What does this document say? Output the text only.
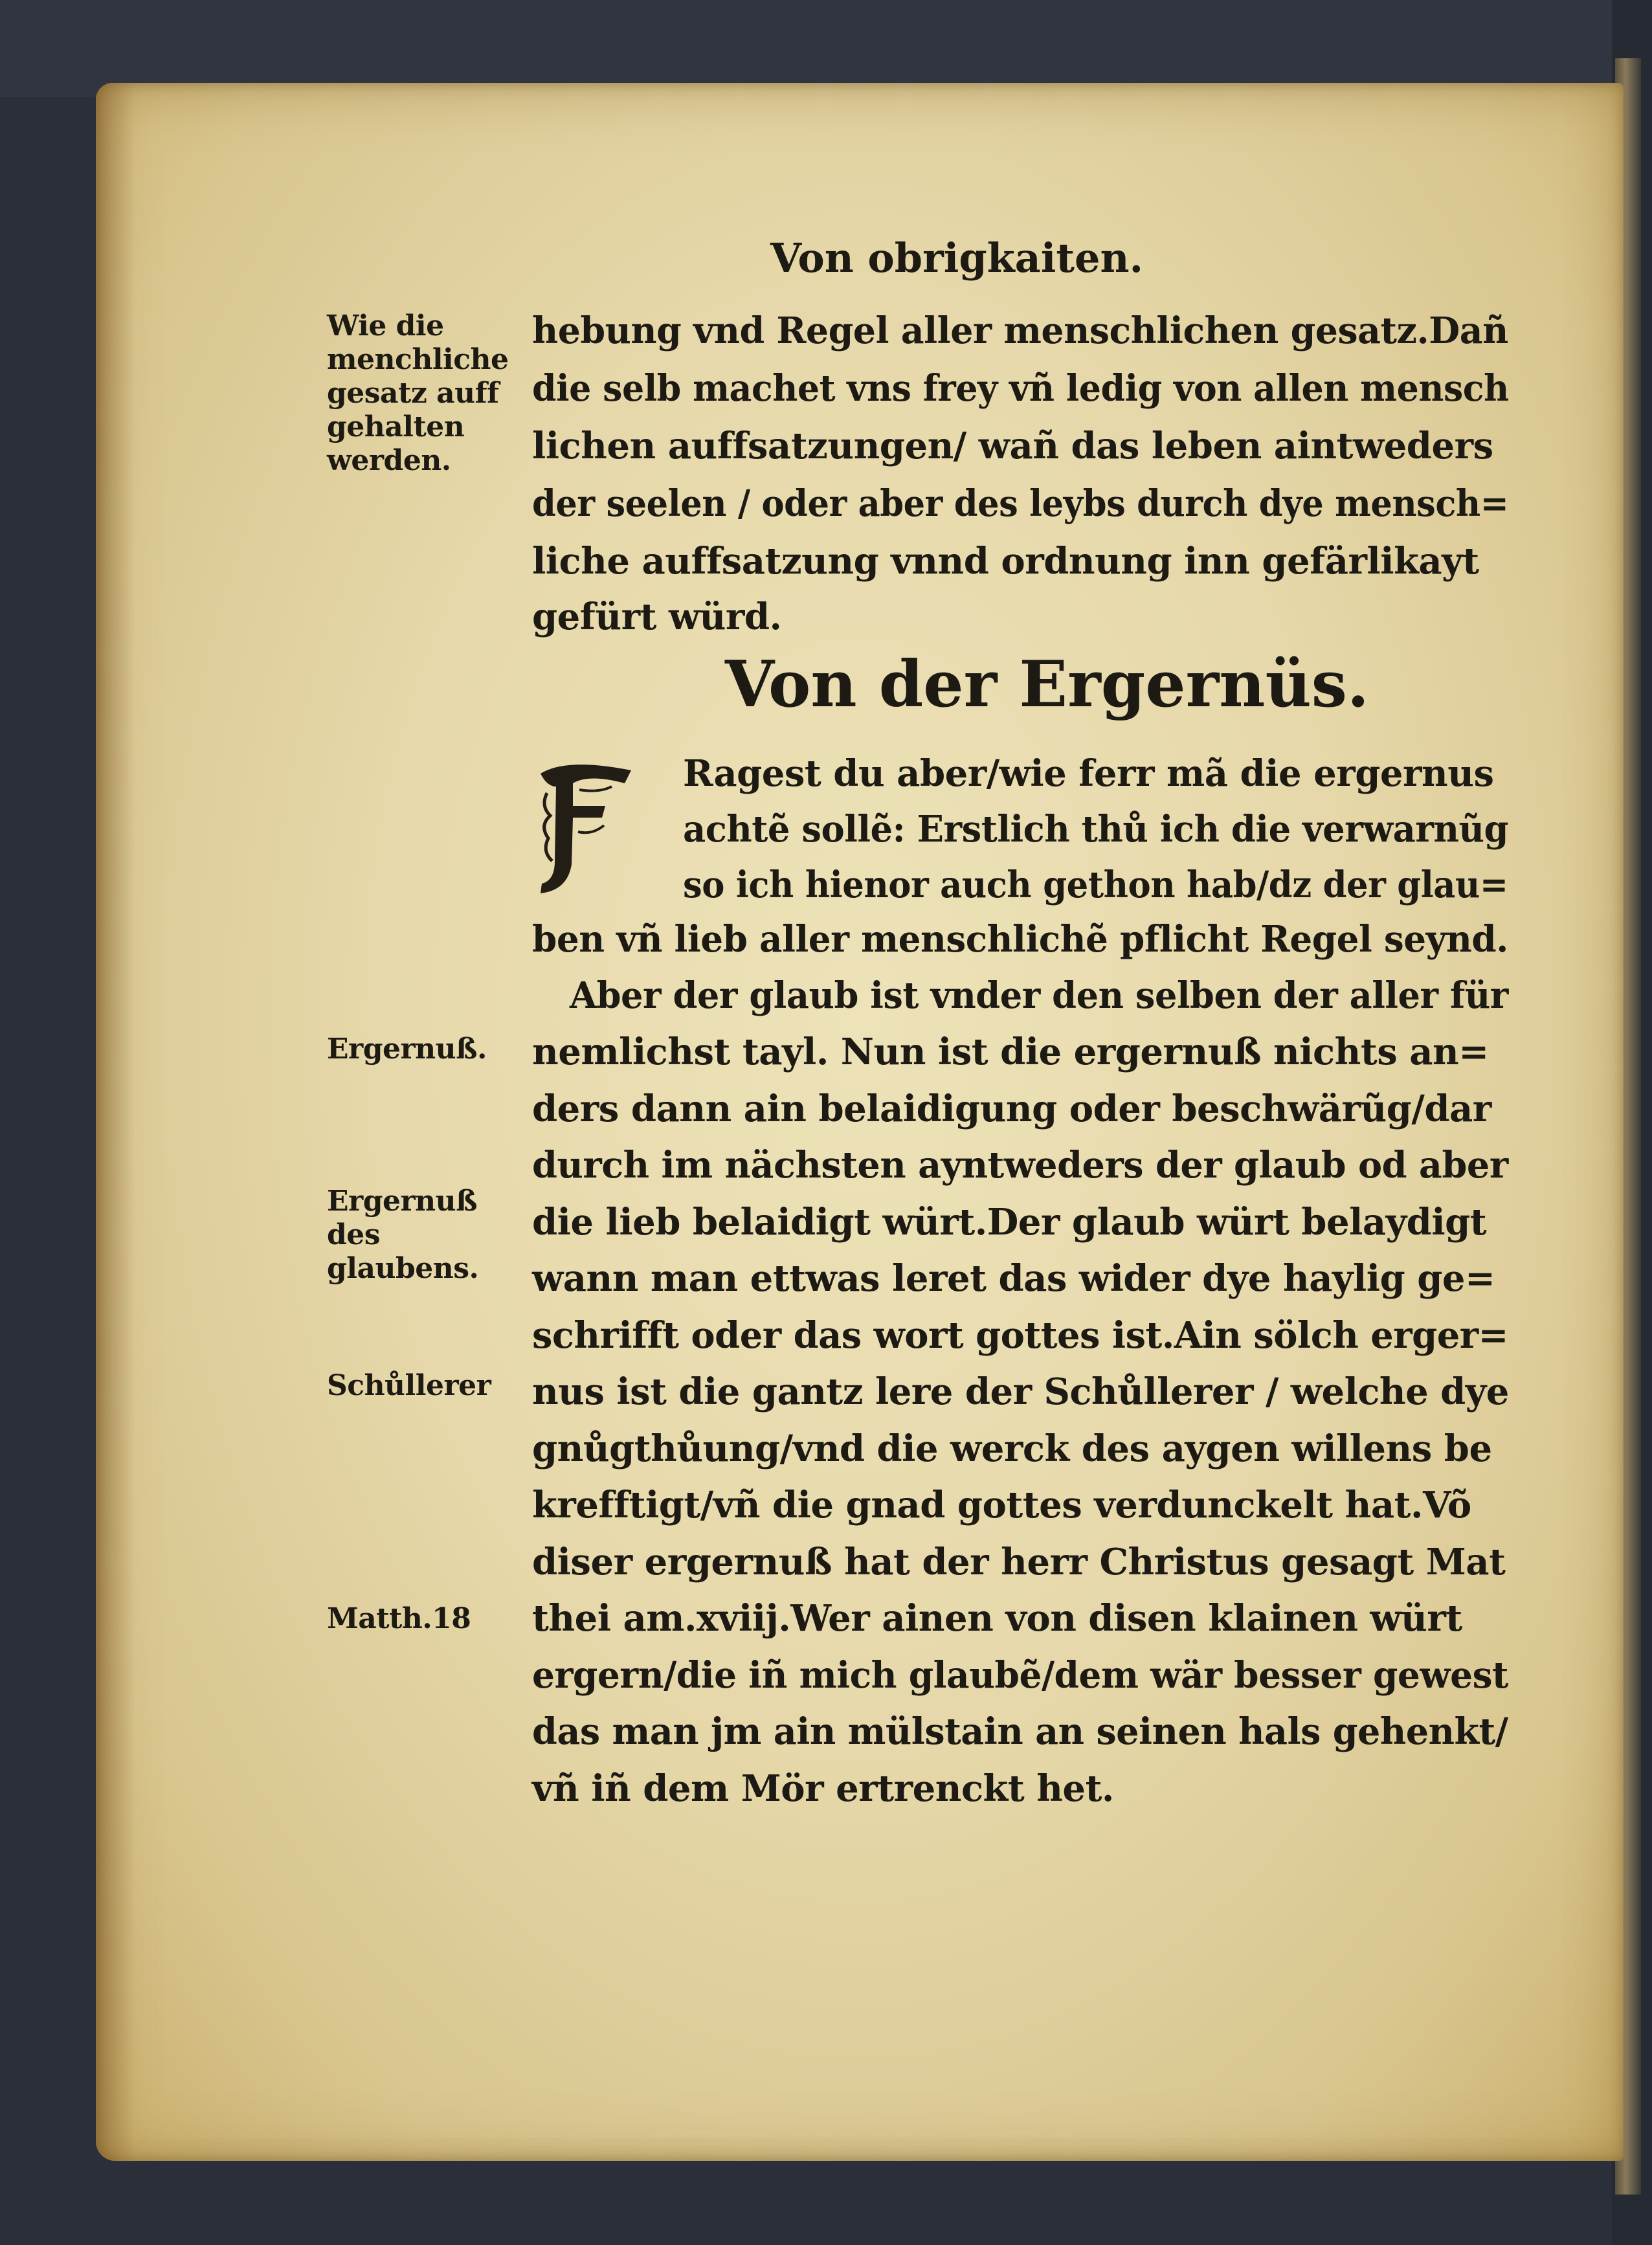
Von obrigkaiten.
Wie die menchliche gesatz auff gehalten werden.
Ergernuß.
Ergernuß des glaubens.
Schůllerer
Matth.18
hebung vnd Regel aller menschlichen gesatz.Dañ
die selb machet vns frey vñ ledig von allen mensch
lichen auffsatzungen/ wañ das leben aintweders
der seelen / oder aber des leybs durch dye mensch=
liche auffsatzung vnnd ordnung inn gefärlikayt
gefürt würd.
Von der Ergernüs.
F
Ragest du aber/wie ferr mã die ergernus
achtẽ sollẽ: Erstlich thů ich die verwarnũg
so ich hienor auch gethon hab/dz der glau=
ben vñ lieb aller menschlichẽ pflicht Regel seynd.
Aber der glaub ist vnder den selben der aller für
nemlichst tayl. Nun ist die ergernuß nichts an=
ders dann ain belaidigung oder beschwärũg/dar
durch im nächsten ayntweders der glaub od aber
die lieb belaidigt würt.Der glaub würt belaydigt
wann man ettwas leret das wider dye haylig ge=
schrifft oder das wort gottes ist.Ain sölch erger=
nus ist die gantz lere der Schůllerer / welche dye
gnůgthůung/vnd die werck des aygen willens be
krefftigt/vñ die gnad gottes verdunckelt hat.Võ
diser ergernuß hat der herr Christus gesagt Mat
thei am.xviij.Wer ainen von disen klainen würt
ergern/die iñ mich glaubẽ/dem wär besser gewest
das man jm ain mülstain an seinen hals gehenkt/
vñ iñ dem Mör ertrenckt het.
